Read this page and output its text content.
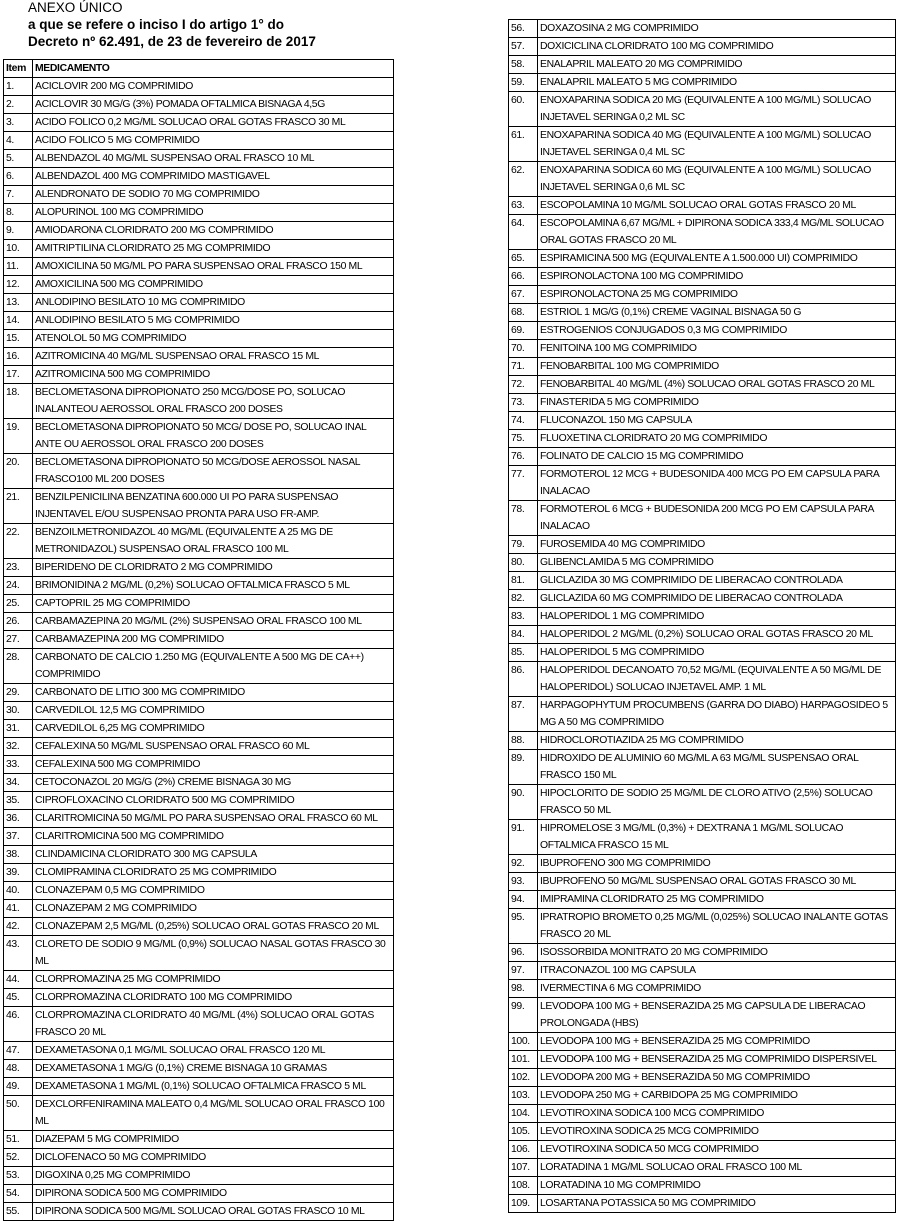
ANEXO ÚNICO
a que se refere o inciso I do artigo 1° do
Decreto nº 62.491, de 23 de fevereiro de 2017
Item	MEDICAMENTO
1.	ACICLOVIR 200 MG COMPRIMIDO
2.	ACICLOVIR 30 MG/G (3%) POMADA OFTALMICA BISNAGA 4,5G
3.	ACIDO FOLICO 0,2 MG/ML SOLUCAO ORAL GOTAS FRASCO 30 ML
4.	ACIDO FOLICO 5 MG COMPRIMIDO
5.	ALBENDAZOL 40 MG/ML SUSPENSAO ORAL FRASCO 10 ML
6.	ALBENDAZOL 400 MG COMPRIMIDO MASTIGAVEL
7.	ALENDRONATO DE SODIO 70 MG COMPRIMIDO
8.	ALOPURINOL 100 MG COMPRIMIDO
9.	AMIODARONA CLORIDRATO 200 MG COMPRIMIDO
10.	AMITRIPTILINA CLORIDRATO 25 MG COMPRIMIDO
11.	AMOXICILINA 50 MG/ML PO PARA SUSPENSAO ORAL FRASCO 150 ML
12.	AMOXICILINA 500 MG COMPRIMIDO
13.	ANLODIPINO BESILATO 10 MG COMPRIMIDO
14.	ANLODIPINO BESILATO 5 MG COMPRIMIDO
15.	ATENOLOL 50 MG COMPRIMIDO
16.	AZITROMICINA 40 MG/ML SUSPENSAO ORAL FRASCO 15 ML
17.	AZITROMICINA 500 MG COMPRIMIDO
18.	BECLOMETASONA DIPROPIONATO 250 MCG/DOSE PO, SOLUCAO INALANTEOU AEROSSOL ORAL FRASCO 200 DOSES
19.	BECLOMETASONA DIPROPIONATO 50 MCG/ DOSE PO, SOLUCAO INAL ANTE OU AEROSSOL ORAL FRASCO 200 DOSES
20.	BECLOMETASONA DIPROPIONATO 50 MCG/DOSE AEROSSOL NASAL FRASCO100 ML 200 DOSES
21.	BENZILPENICILINA BENZATINA 600.000 UI PO PARA SUSPENSAO INJENTAVEL E/OU SUSPENSAO PRONTA PARA USO FR-AMP.
22.	BENZOILMETRONIDAZOL 40 MG/ML (EQUIVALENTE A 25 MG DE METRONIDAZOL) SUSPENSAO ORAL FRASCO 100 ML
23.	BIPERIDENO DE CLORIDRATO 2 MG COMPRIMIDO
24.	BRIMONIDINA 2 MG/ML (0,2%) SOLUCAO OFTALMICA FRASCO 5 ML
25.	CAPTOPRIL 25 MG COMPRIMIDO
26.	CARBAMAZEPINA 20 MG/ML (2%) SUSPENSAO ORAL FRASCO 100 ML
27.	CARBAMAZEPINA 200 MG COMPRIMIDO
28.	CARBONATO DE CALCIO 1.250 MG (EQUIVALENTE A 500 MG DE CA++) COMPRIMIDO
29.	CARBONATO DE LITIO 300 MG COMPRIMIDO
30.	CARVEDILOL 12,5 MG COMPRIMIDO
31.	CARVEDILOL 6,25 MG COMPRIMIDO
32.	CEFALEXINA 50 MG/ML SUSPENSAO ORAL FRASCO 60 ML
33.	CEFALEXINA 500 MG COMPRIMIDO
34.	CETOCONAZOL 20 MG/G (2%) CREME BISNAGA 30 MG
35.	CIPROFLOXACINO CLORIDRATO 500 MG COMPRIMIDO
36.	CLARITROMICINA 50 MG/ML PO PARA SUSPENSAO ORAL FRASCO 60 ML
37.	CLARITROMICINA 500 MG COMPRIMIDO
38.	CLINDAMICINA CLORIDRATO 300 MG CAPSULA
39.	CLOMIPRAMINA CLORIDRATO 25 MG COMPRIMIDO
40.	CLONAZEPAM 0,5 MG COMPRIMIDO
41.	CLONAZEPAM 2 MG COMPRIMIDO
42.	CLONAZEPAM 2,5 MG/ML (0,25%) SOLUCAO ORAL GOTAS FRASCO 20 ML
43.	CLORETO DE SODIO 9 MG/ML (0,9%) SOLUCAO NASAL GOTAS FRASCO 30 ML
44.	CLORPROMAZINA 25 MG COMPRIMIDO
45.	CLORPROMAZINA CLORIDRATO 100 MG COMPRIMIDO
46.	CLORPROMAZINA CLORIDRATO 40 MG/ML (4%) SOLUCAO ORAL GOTAS FRASCO 20 ML
47.	DEXAMETASONA 0,1 MG/ML SOLUCAO ORAL FRASCO 120 ML
48.	DEXAMETASONA 1 MG/G (0,1%) CREME BISNAGA 10 GRAMAS
49.	DEXAMETASONA 1 MG/ML (0,1%) SOLUCAO OFTALMICA FRASCO 5 ML
50.	DEXCLORFENIRAMINA MALEATO 0,4 MG/ML SOLUCAO ORAL FRASCO 100 ML
51.	DIAZEPAM 5 MG COMPRIMIDO
52.	DICLOFENACO 50 MG COMPRIMIDO
53.	DIGOXINA 0,25 MG COMPRIMIDO
54.	DIPIRONA SODICA 500 MG COMPRIMIDO
55.	DIPIRONA SODICA 500 MG/ML SOLUCAO ORAL GOTAS FRASCO 10 ML
56.	DOXAZOSINA 2 MG COMPRIMIDO
57.	DOXICICLINA CLORIDRATO 100 MG COMPRIMIDO
58.	ENALAPRIL MALEATO 20 MG COMPRIMIDO
59.	ENALAPRIL MALEATO 5 MG COMPRIMIDO
60.	ENOXAPARINA SODICA 20 MG (EQUIVALENTE A 100 MG/ML) SOLUCAO INJETAVEL SERINGA 0,2 ML SC
61.	ENOXAPARINA SODICA 40 MG (EQUIVALENTE A 100 MG/ML) SOLUCAO INJETAVEL SERINGA 0,4 ML SC
62.	ENOXAPARINA SODICA 60 MG (EQUIVALENTE A 100 MG/ML) SOLUCAO INJETAVEL SERINGA 0,6 ML SC
63.	ESCOPOLAMINA 10 MG/ML SOLUCAO ORAL GOTAS FRASCO 20 ML
64.	ESCOPOLAMINA 6,67 MG/ML + DIPIRONA SODICA 333,4 MG/ML SOLUCAO ORAL GOTAS FRASCO 20 ML
65.	ESPIRAMICINA 500 MG (EQUIVALENTE A 1.500.000 UI) COMPRIMIDO
66.	ESPIRONOLACTONA 100 MG COMPRIMIDO
67.	ESPIRONOLACTONA 25 MG COMPRIMIDO
68.	ESTRIOL 1 MG/G (0,1%) CREME VAGINAL BISNAGA 50 G
69.	ESTROGENIOS CONJUGADOS 0,3 MG COMPRIMIDO
70.	FENITOINA 100 MG COMPRIMIDO
71.	FENOBARBITAL 100 MG COMPRIMIDO
72.	FENOBARBITAL 40 MG/ML (4%) SOLUCAO ORAL GOTAS FRASCO 20 ML
73.	FINASTERIDA 5 MG COMPRIMIDO
74.	FLUCONAZOL 150 MG CAPSULA
75.	FLUOXETINA CLORIDRATO 20 MG COMPRIMIDO
76.	FOLINATO DE CALCIO 15 MG COMPRIMIDO
77.	FORMOTEROL 12 MCG + BUDESONIDA 400 MCG PO EM CAPSULA PARA INALACAO
78.	FORMOTEROL 6 MCG + BUDESONIDA 200 MCG PO EM CAPSULA PARA INALACAO
79.	FUROSEMIDA 40 MG COMPRIMIDO
80.	GLIBENCLAMIDA 5 MG COMPRIMIDO
81.	GLICLAZIDA 30 MG COMPRIMIDO DE LIBERACAO CONTROLADA
82.	GLICLAZIDA 60 MG COMPRIMIDO DE LIBERACAO CONTROLADA
83.	HALOPERIDOL 1 MG COMPRIMIDO
84.	HALOPERIDOL 2 MG/ML (0,2%) SOLUCAO ORAL GOTAS FRASCO 20 ML
85.	HALOPERIDOL 5 MG COMPRIMIDO
86.	HALOPERIDOL DECANOATO 70,52 MG/ML (EQUIVALENTE A 50 MG/ML DE HALOPERIDOL) SOLUCAO INJETAVEL AMP. 1 ML
87.	HARPAGOPHYTUM PROCUMBENS (GARRA DO DIABO) HARPAGOSIDEO 5 MG A 50 MG COMPRIMIDO
88.	HIDROCLOROTIAZIDA 25 MG COMPRIMIDO
89.	HIDROXIDO DE ALUMINIO 60 MG/ML A 63 MG/ML SUSPENSAO ORAL FRASCO 150 ML
90.	HIPOCLORITO DE SODIO 25 MG/ML DE CLORO ATIVO (2,5%) SOLUCAO FRASCO 50 ML
91.	HIPROMELOSE 3 MG/ML (0,3%) + DEXTRANA 1 MG/ML SOLUCAO OFTALMICA FRASCO 15 ML
92.	IBUPROFENO 300 MG COMPRIMIDO
93.	IBUPROFENO 50 MG/ML SUSPENSAO ORAL GOTAS FRASCO 30 ML
94.	IMIPRAMINA CLORIDRATO 25 MG COMPRIMIDO
95.	IPRATROPIO BROMETO 0,25 MG/ML (0,025%) SOLUCAO INALANTE GOTAS FRASCO 20 ML
96.	ISOSSORBIDA MONITRATO 20 MG COMPRIMIDO
97.	ITRACONAZOL 100 MG CAPSULA
98.	IVERMECTINA 6 MG COMPRIMIDO
99.	LEVODOPA 100 MG + BENSERAZIDA 25 MG CAPSULA DE LIBERACAO PROLONGADA (HBS)
100.	LEVODOPA 100 MG + BENSERAZIDA 25 MG COMPRIMIDO
101.	LEVODOPA 100 MG + BENSERAZIDA 25 MG COMPRIMIDO DISPERSIVEL
102.	LEVODOPA 200 MG + BENSERAZIDA 50 MG COMPRIMIDO
103.	LEVODOPA 250 MG + CARBIDOPA 25 MG COMPRIMIDO
104.	LEVOTIROXINA SODICA 100 MCG COMPRIMIDO
105.	LEVOTIROXINA SODICA 25 MCG COMPRIMIDO
106.	LEVOTIROXINA SODICA 50 MCG COMPRIMIDO
107.	LORATADINA 1 MG/ML SOLUCAO ORAL FRASCO 100 ML
108.	LORATADINA 10 MG COMPRIMIDO
109.	LOSARTANA POTASSICA 50 MG COMPRIMIDO
